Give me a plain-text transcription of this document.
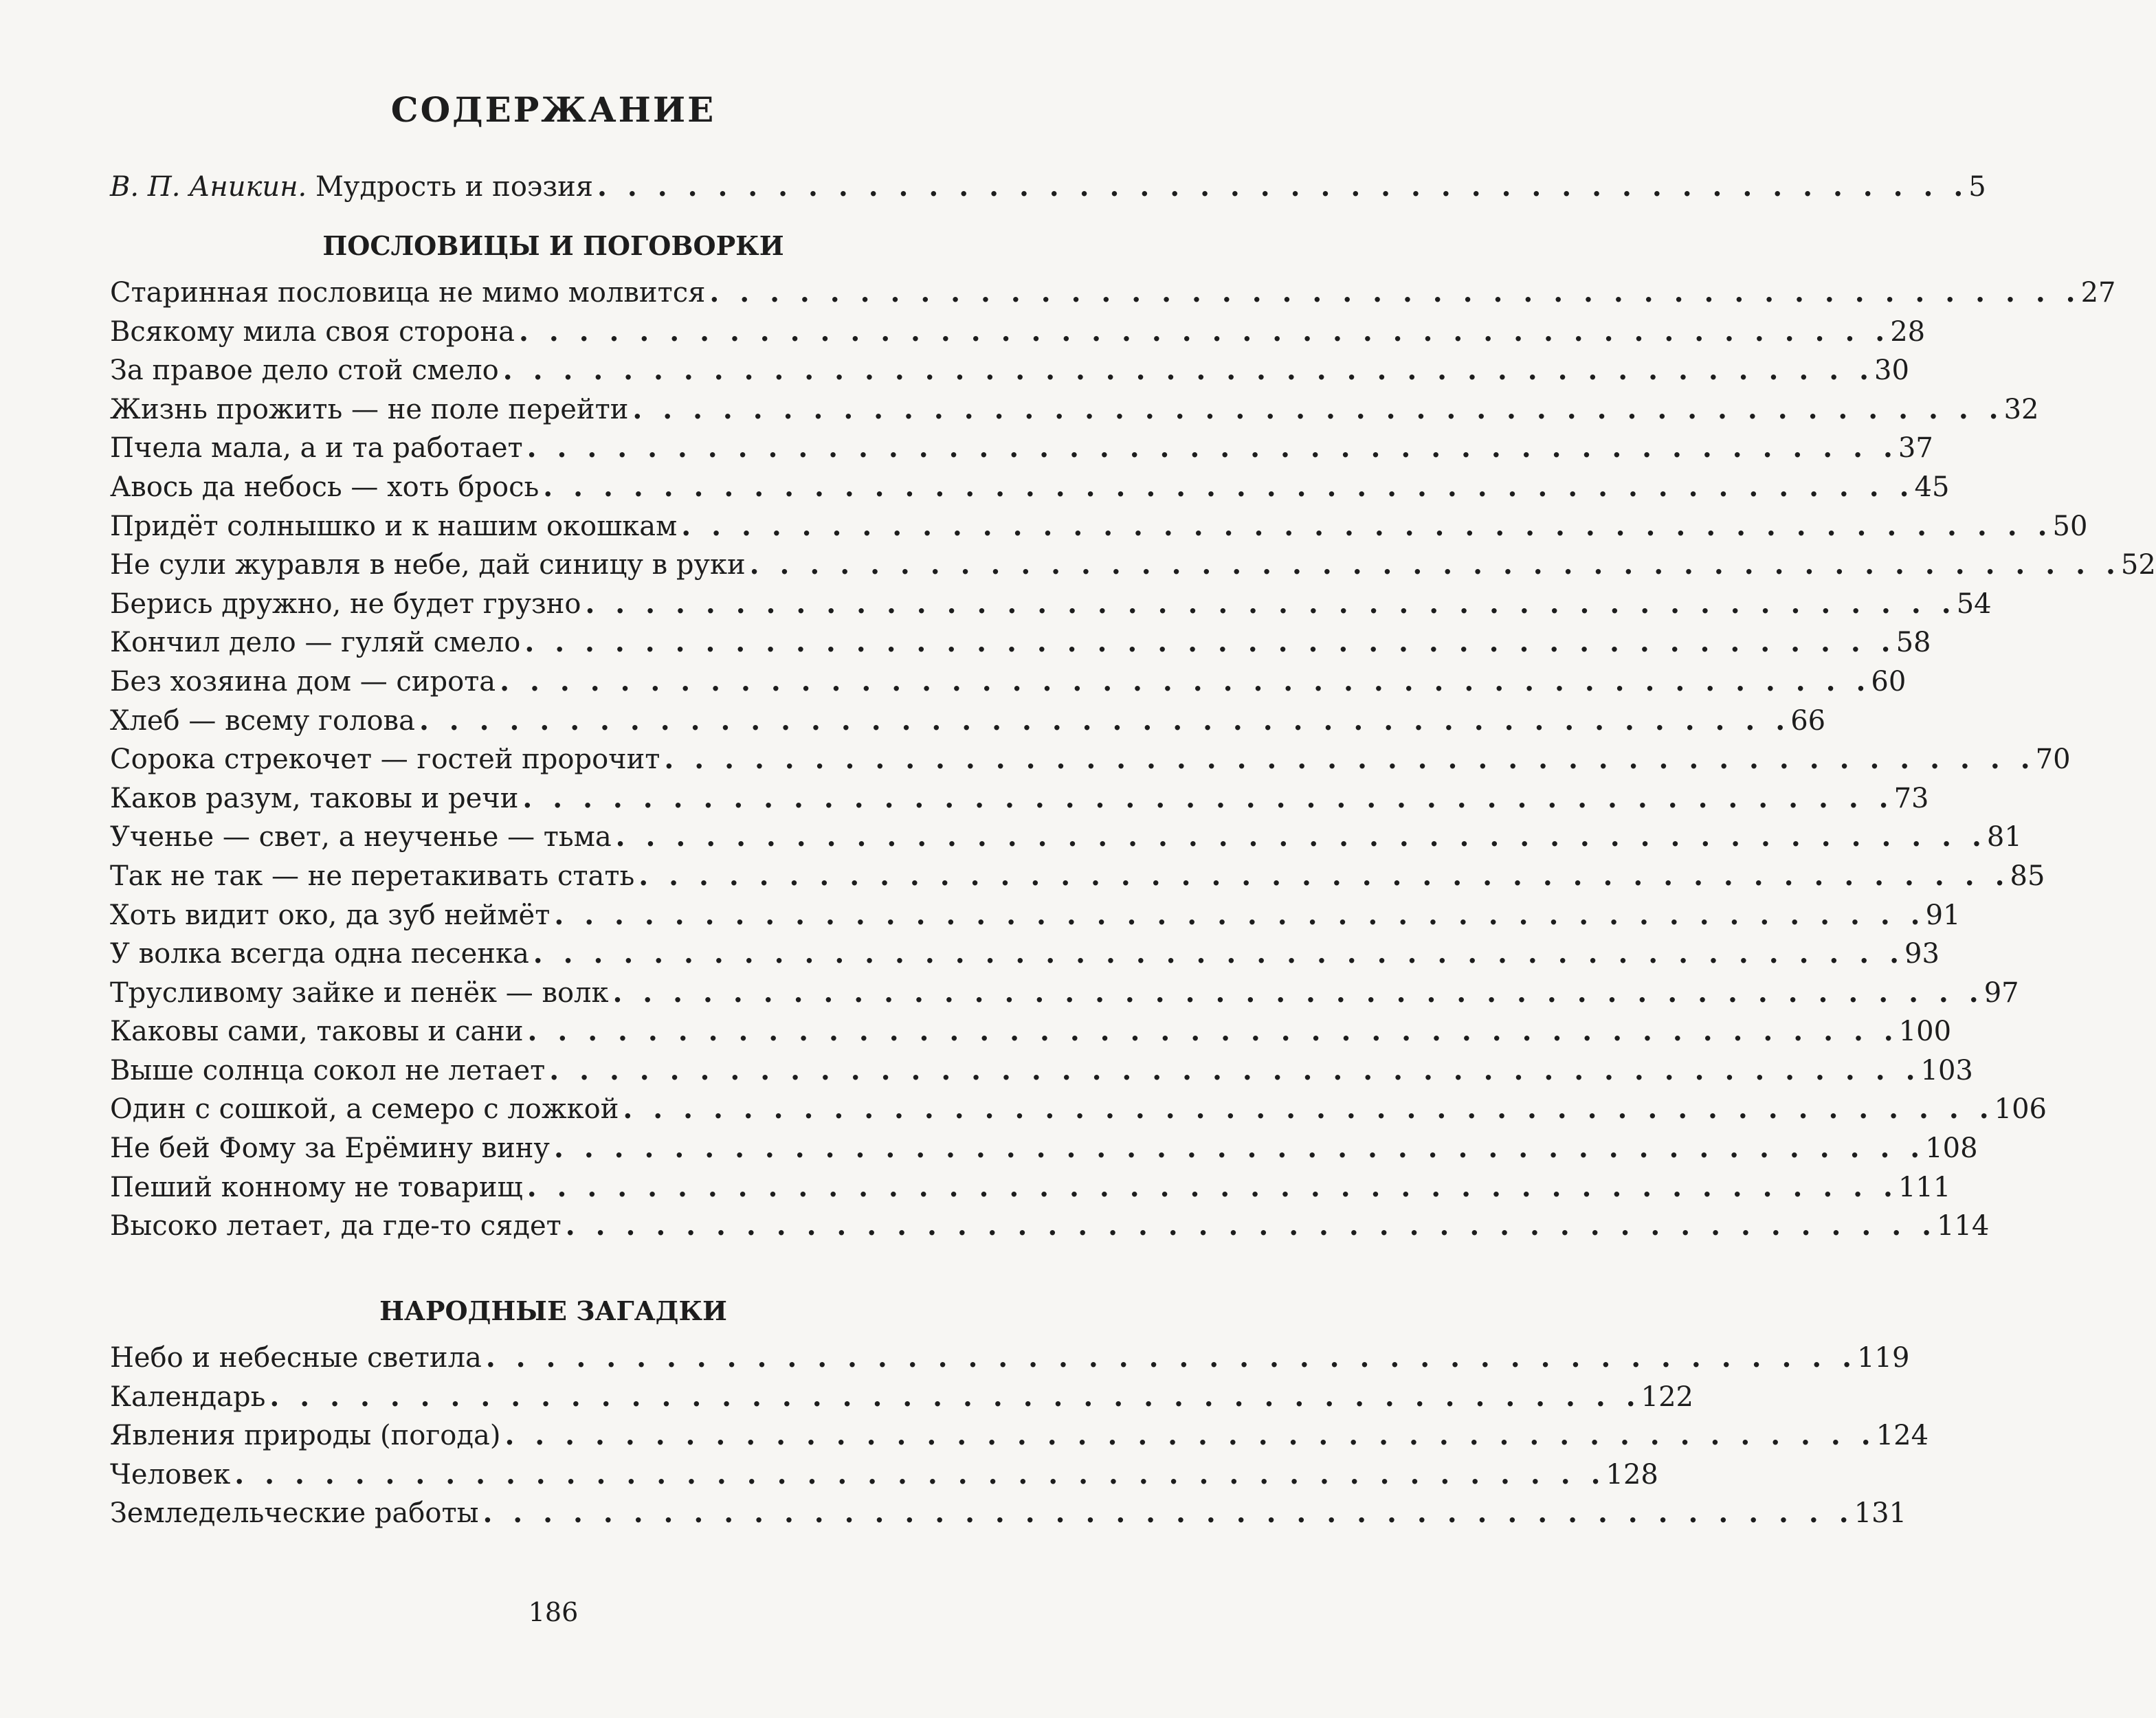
СОДЕРЖАНИЕ
В. П. Аникин. Мудрость и поэзия . . . . . . . . . . . . . . . . . . . . . . . . . . . . . . . . . . . . . . . . . . . . . . 5
ПОСЛОВИЦЫ И ПОГОВОРКИ
Старинная пословица не мимо молвится . . . . . . . . . . . . . . . . . . . . . . . . . . . . . . . . . . . . . . . . . . . . . . 27
Всякому мила своя сторона . . . . . . . . . . . . . . . . . . . . . . . . . . . . . . . . . . . . . . . . . . . . . . 28
За правое дело стой смело . . . . . . . . . . . . . . . . . . . . . . . . . . . . . . . . . . . . . . . . . . . . . . 30
Жизнь прожить — не поле перейти . . . . . . . . . . . . . . . . . . . . . . . . . . . . . . . . . . . . . . . . . . . . . . 32
Пчела мала, а и та работает . . . . . . . . . . . . . . . . . . . . . . . . . . . . . . . . . . . . . . . . . . . . . . 37
Авось да небось — хоть брось . . . . . . . . . . . . . . . . . . . . . . . . . . . . . . . . . . . . . . . . . . . . . . 45
Придёт солнышко и к нашим окошкам . . . . . . . . . . . . . . . . . . . . . . . . . . . . . . . . . . . . . . . . . . . . . . 50
Не сули журавля в небе, дай синицу в руки . . . . . . . . . . . . . . . . . . . . . . . . . . . . . . . . . . . . . . . . . . . . . . 52
Берись дружно, не будет грузно . . . . . . . . . . . . . . . . . . . . . . . . . . . . . . . . . . . . . . . . . . . . . . 54
Кончил дело — гуляй смело . . . . . . . . . . . . . . . . . . . . . . . . . . . . . . . . . . . . . . . . . . . . . . 58
Без хозяина дом — сирота . . . . . . . . . . . . . . . . . . . . . . . . . . . . . . . . . . . . . . . . . . . . . . 60
Хлеб — всему голова . . . . . . . . . . . . . . . . . . . . . . . . . . . . . . . . . . . . . . . . . . . . . . 66
Сорока стрекочет — гостей пророчит . . . . . . . . . . . . . . . . . . . . . . . . . . . . . . . . . . . . . . . . . . . . . . 70
Каков разум, таковы и речи . . . . . . . . . . . . . . . . . . . . . . . . . . . . . . . . . . . . . . . . . . . . . . 73
Ученье — свет, а неученье — тьма . . . . . . . . . . . . . . . . . . . . . . . . . . . . . . . . . . . . . . . . . . . . . . 81
Так не так — не перетакивать стать . . . . . . . . . . . . . . . . . . . . . . . . . . . . . . . . . . . . . . . . . . . . . . 85
Хоть видит око, да зуб неймёт . . . . . . . . . . . . . . . . . . . . . . . . . . . . . . . . . . . . . . . . . . . . . . 91
У волка всегда одна песенка . . . . . . . . . . . . . . . . . . . . . . . . . . . . . . . . . . . . . . . . . . . . . . 93
Трусливому зайке и пенёк — волк . . . . . . . . . . . . . . . . . . . . . . . . . . . . . . . . . . . . . . . . . . . . . . 97
Каковы сами, таковы и сани . . . . . . . . . . . . . . . . . . . . . . . . . . . . . . . . . . . . . . . . . . . . . . 100
Выше солнца сокол не летает . . . . . . . . . . . . . . . . . . . . . . . . . . . . . . . . . . . . . . . . . . . . . . 103
Один с сошкой, а семеро с ложкой . . . . . . . . . . . . . . . . . . . . . . . . . . . . . . . . . . . . . . . . . . . . . . 106
Не бей Фому за Ерёмину вину . . . . . . . . . . . . . . . . . . . . . . . . . . . . . . . . . . . . . . . . . . . . . . 108
Пеший конному не товарищ . . . . . . . . . . . . . . . . . . . . . . . . . . . . . . . . . . . . . . . . . . . . . . 111
Высоко летает, да где-то сядет . . . . . . . . . . . . . . . . . . . . . . . . . . . . . . . . . . . . . . . . . . . . . . 114
НАРОДНЫЕ ЗАГАДКИ
Небо и небесные светила . . . . . . . . . . . . . . . . . . . . . . . . . . . . . . . . . . . . . . . . . . . . . . 119
Календарь . . . . . . . . . . . . . . . . . . . . . . . . . . . . . . . . . . . . . . . . . . . . . . 122
Явления природы (погода) . . . . . . . . . . . . . . . . . . . . . . . . . . . . . . . . . . . . . . . . . . . . . . 124
Человек . . . . . . . . . . . . . . . . . . . . . . . . . . . . . . . . . . . . . . . . . . . . . . 128
Земледельческие работы . . . . . . . . . . . . . . . . . . . . . . . . . . . . . . . . . . . . . . . . . . . . . . 131
186
